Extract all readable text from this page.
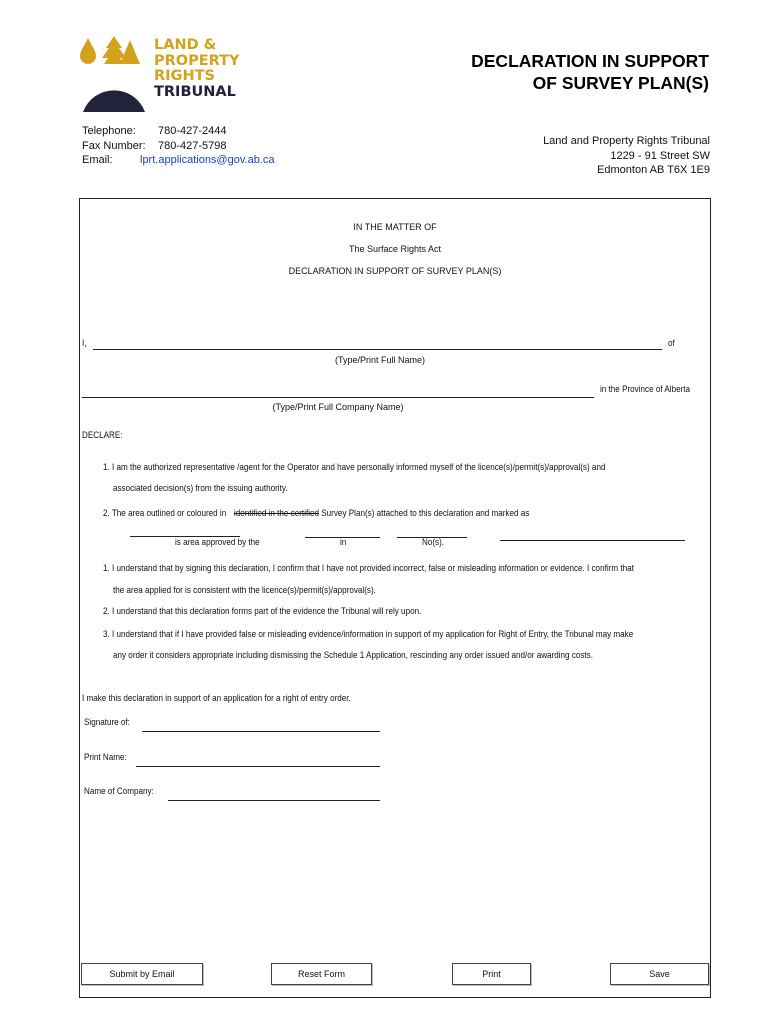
LAND &
PROPERTY
RIGHTS
TRIBUNAL
DECLARATION IN SUPPORT
OF SURVEY PLAN(S)
Telephone: 780-427-2444
Fax Number: 780-427-5798
Email: lprt.applications@gov.ab.ca
Land and Property Rights Tribunal
1229 - 91 Street SW
Edmonton AB T6X 1E9
IN THE MATTER OF
The Surface Rights Act
DECLARATION IN SUPPORT OF SURVEY PLAN(S)
I,	of
(Type/Print Full Name)
in the Province of Alberta
(Type/Print Full Company Name)
DECLARE:
1. I am the authorized representative /agent for the Operator and have personally informed myself of the licence(s)/permit(s)/approval(s) and
associated decision(s) from the issuing authority.
2. The area outlined or coloured in identified in the certified Survey Plan(s) attached to this declaration and marked as
is area approved by the	in	No(s).
1. I understand that by signing this declaration, I confirm that I have not provided incorrect, false or misleading information or evidence. I confirm that
the area applied for is consistent with the licence(s)/permit(s)/approval(s).
2. I understand that this declaration forms part of the evidence the Tribunal will rely upon.
3. I understand that if I have provided false or misleading evidence/information in support of my application for Right of Entry, the Tribunal may make
any order it considers appropriate including dismissing the Schedule 1 Application, rescinding any order issued and/or awarding costs.
I make this declaration in support of an application for a right of entry order.
Signature of:
Print Name:
Name of Company:
Submit by Email	Reset Form	Print	Save
